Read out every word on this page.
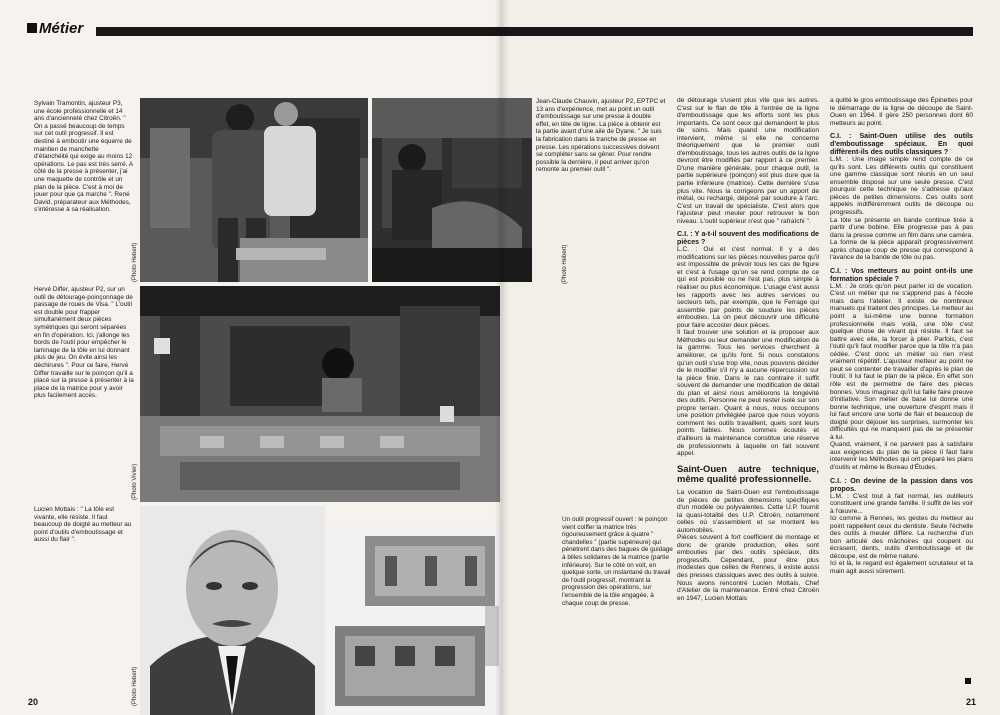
Métier
Sylvain Tramontin, ajusteur P3, une école professionnelle et 14 ans d'ancienneté chez Citroën. " On a passé beaucoup de temps sur cet outil progressif. Il est destiné à emboutir une équerre de maintien de manchette d'étanchéité qui exige au moins 12 opérations. Le pas est très serré. A côté de la presse à présenter, j'ai une maquette de contrôle et un plan de la pièce. C'est à moi de jouer pour que ça marche ". René David, préparateur aux Méthodes, s'intéresse à sa réalisation.
(Photo Hebert)
Hervé Differ, ajusteur P2, sur un outil de détourage-poinçonnage de passage de roues de Visa. " L'outil est double pour frapper simultanément deux pièces symétriques qui seront séparées en fin d'opération. Ici, j'allonge les bords de l'outil pour empêcher le laminage de la tôle en lui donnant plus de jeu. On évite ainsi les déchirures ". Pour ce faire, Hervé Differ travaille sur le poinçon qu'il a placé sur la presse à présenter à la place de la matrice pour y avoir plus facilement accès.
(Photo Vivier)
Lucien Mottais : " La tôle est vivante, elle résiste. Il faut beaucoup de doigté au metteur au point d'outils d'emboutissage et aussi du flair ".
(Photo Hebert)
20
(Photo Hebert)
Jean-Claude Chauvin, ajusteur P2, EPTPC et 13 ans d'expérience, met au point un outil d'emboutissage sur une presse à double effet, en tête de ligne. La pièce à obtenir est la partie avant d'une aile de Dyane. " Je suis la fabrication dans la tranche de presse en presse. Les opérations successives doivent se compléter sans se gêner. Pour rendre possible la dernière, il peut arriver qu'on remonte au premier outil ".
Un outil progressif ouvert : le poinçon vient coiffer la matrice très rigoureusement grâce à quatre " chandelles " (partie supérieure) qui pénètrent dans des bagues de guidage à billes solidaires de la matrice (partie inférieure). Sur le côté on voit, en quelque sorte, un instantané du travail de l'outil progressif, montrant la progression des opérations, sur l'ensemble de la tôle engagée, à chaque coup de presse.

de détourage s'usent plus vite que les autres. C'est sur le flan de tôle à l'entrée de la ligne d'emboutissage que les efforts sont les plus importants. Ce sont ceux qui demandent le plus de soins. Mais quand une modification intervient, même si elle ne concerne théoriquement que le premier outil d'emboutissage, tous les autres outils de la ligne devront être modifiés par rapport à ce premier. D'une manière générale, pour chaque outil, la partie supérieure (poinçon) est plus dure que la partie inférieure (matrice). Cette dernière s'use plus vite. Nous la corrigeons par un apport de métal, ou rechargé, déposé par soudure à l'arc. C'est un travail de spécialiste. C'est alors que l'ajusteur peut meuler pour retrouver le bon niveau. L'outil supérieur n'est que " rafraîchi ".

C.I. : Y a-t-il souvent des modifications de pièces ?

L.C. : Oui et c'est normal. Il y a des modifications sur les pièces nouvelles parce qu'il est impossible de prévoir tous les cas de figure et c'est à l'usage qu'on se rend compte de ce qui est possible ou ne l'est pas, plus simple à réaliser ou plus économique. L'usage c'est aussi les rapports avec les autres services ou secteurs tels, par exemple, que le Ferrage qui assemble par points de soudure les pièces embouties. La on peut découvrir une difficulté pour faire accoster deux pièces.

Il faut trouver une solution et la proposer aux Méthodes ou leur demander une modification de la gamme. Tous les services cherchent à améliorer, ce qu'ils font. Si nous constatons qu'un outil s'use trop vite, nous pouvons décider de le modifier s'il n'y a aucune répercussion sur la pièce finie. Dans le cas contraire il suffit souvent de demander une modification de détail du plan et ainsi nous améliorons la longévité des outils. Personne ne peut rester isolé sur son propre terrain. Quant à nous, nous occupons une position privilégiée parce que nous voyons comment les outils travaillent, quels sont leurs points faibles. Nous sommes écoutés et d'ailleurs la maintenance constitue une réserve de professionnels à laquelle on fait souvent appel.

Saint-Ouen autre technique, même qualité professionnelle.

La vocation de Saint-Ouen est l'emboutissage de pièces de petites dimensions spécifiques d'un modèle ou polyvalentes. Cette U.P. fournit la quasi-totalité des U.P. Citroën, notamment celles où s'assemblent et se montent les automobiles.

Pièces souvent à fort coefficient de montage et donc de grande production, elles sont embouties par des outils spéciaux, dits progressifs. Cependant, pour être plus modestes que celles de Rennes, il existe aussi des presses classiques avec des outils à suivre. Nous avons rencontré Lucien Mottais, Chef d'Atelier de la maintenance. Entré chez Citroën en 1947, Lucien Mottais

a quitté le gros emboutissage des Épinettes pour le démarrage de la ligne de découpe de Saint-Ouen en 1964. Il gère 250 personnes dont 60 metteurs au point.

C.I. : Saint-Ouen utilise des outils d'emboutissage spéciaux. En quoi diffèrent-ils des outils classiques ?

L.M. : Une image simple rend compte de ce qu'ils sont. Les différents outils qui constituent une gamme classique sont réunis en un seul ensemble disposé sur une seule presse. C'est pourquoi cette technique ne s'adresse qu'aux pièces de petites dimensions. Ces outils sont appelés indifféremment outils de découpe ou progressifs.

La tôle se présente en bande continue tirée à partir d'une bobine. Elle progresse pas à pas dans la presse comme un film dans une caméra. La forme de la pièce apparaît progressivement après chaque coup de presse qui correspond à l'avance de la bande de tôle ou pas.

C.I. : Vos metteurs au point ont-ils une formation spéciale ?

L.M. : Je crois qu'on peut parler ici de vocation. C'est un métier qui ne s'apprend pas à l'école mais dans l'atelier. Il existe de nombreux manuels qui traitent des principes. Le metteur au point a lui-même une bonne formation professionnelle mais voilà, une tôle c'est quelque chose de vivant qui résiste. Il faut se battre avec elle, la forcer à plier. Parfois, c'est l'outil qu'il faut modifier parce que la tôle n'a pas cédée. C'est donc un métier où rien n'est vraiment répétitif. L'ajusteur metteur au point ne peut se contenter de travailler d'après le plan de l'outil. Il lui faut le plan de la pièce. En effet son rôle est de permettre de faire des pièces bonnes. Vous imaginez qu'il lui faille faire preuve d'initiative. Son métier de base lui donne une bonne technique, une ouverture d'esprit mais il lui faut encore une sorte de flair et beaucoup de doigté pour déjouer les surprises, surmonter les difficultés qui ne manquent pas de se présenter à lui.

Quand, vraiment, il ne parvient pas à satisfaire aux exigences du plan de la pièce il faut faire intervenir les Méthodes qui ont préparé les plans d'outils et même le Bureau d'Études.

C.I. : On devine de la passion dans vos propos.

L.M. : C'est tout à fait normal, les outilleurs constituent une grande famille. Il suffit de les voir à l'œuvre...

Ici comme à Rennes, les gestes du metteur au point rappellent ceux du dentiste. Seule l'échelle des outils à meuler diffère. La recherche d'un bon articulé des mâchoires qui coupent ou écrasent, dents, outils d'emboutissage et de découpe, est de même nature.

Ici et là, le regard est également scrutateur et la main agit aussi sûrement.

21
